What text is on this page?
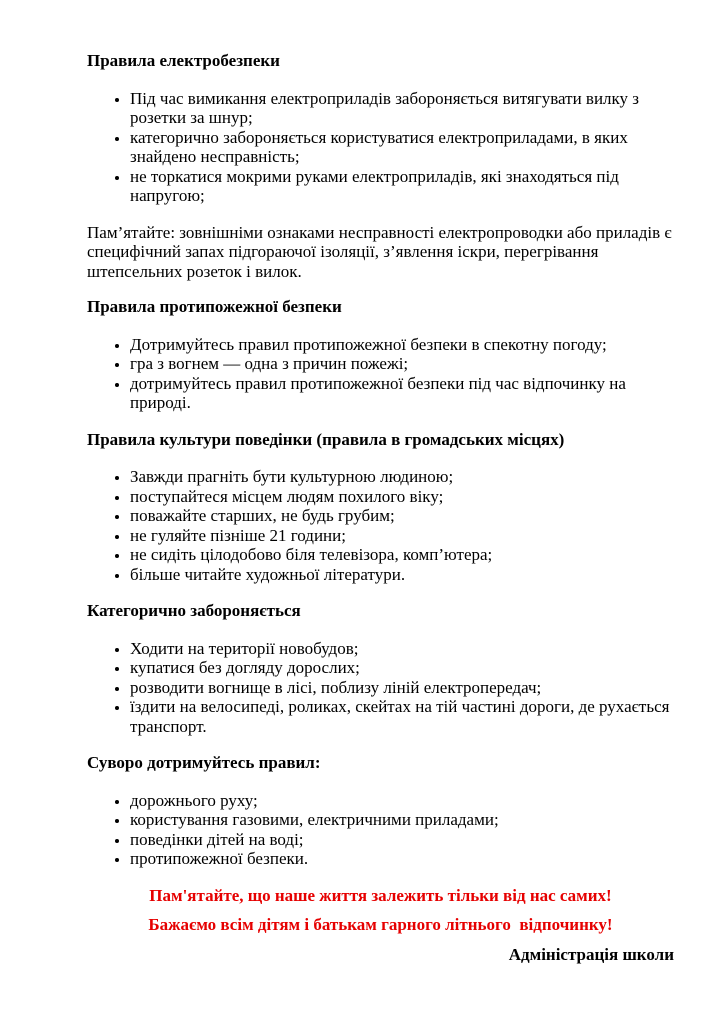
Правила електробезпеки
• Під час вимикання електроприладів забороняється витягувати вилку з розетки за шнур;
• категорично забороняється користуватися електроприладами, в яких знайдено несправність;
• не торкатися мокрими руками електроприладів, які знаходяться під напругою;

Пам’ятайте: зовнішніми ознаками несправності електропроводки або приладів є специфічний запах підгораючої ізоляції, з’явлення іскри, перегрівання штепсельних розеток і вилок.

Правила протипожежної безпеки
• Дотримуйтесь правил протипожежної безпеки в спекотну погоду;
• гра з вогнем — одна з причин пожежі;
• дотримуйтесь правил протипожежної безпеки під час відпочинку на природі.
Правила культури поведінки (правила в громадських місцях)
• Завжди прагніть бути культурною людиною;
• поступайтеся місцем людям похилого віку;
• поважайте старших, не будь грубим;
• не гуляйте пізніше 21 години;
• не сидіть цілодобово біля телевізора, комп’ютера;
• більше читайте художньої літератури.
Категорично забороняється
• Ходити на території новобудов;
• купатися без догляду дорослих;
• розводити вогнище в лісі, поблизу ліній електропередач;
• їздити на велосипеді, роликах, скейтах на тій частині дороги, де рухається транспорт.
Суворо дотримуйтесь правил:
• дорожнього руху;
• користування газовими, електричними приладами;
• поведінки дітей на воді;
• протипожежної безпеки.

Пам'ятайте, що наше життя залежить тільки від нас самих!

Бажаємо всім дітям і батькам гарного літнього  відпочинку!

Адміністрація школи
